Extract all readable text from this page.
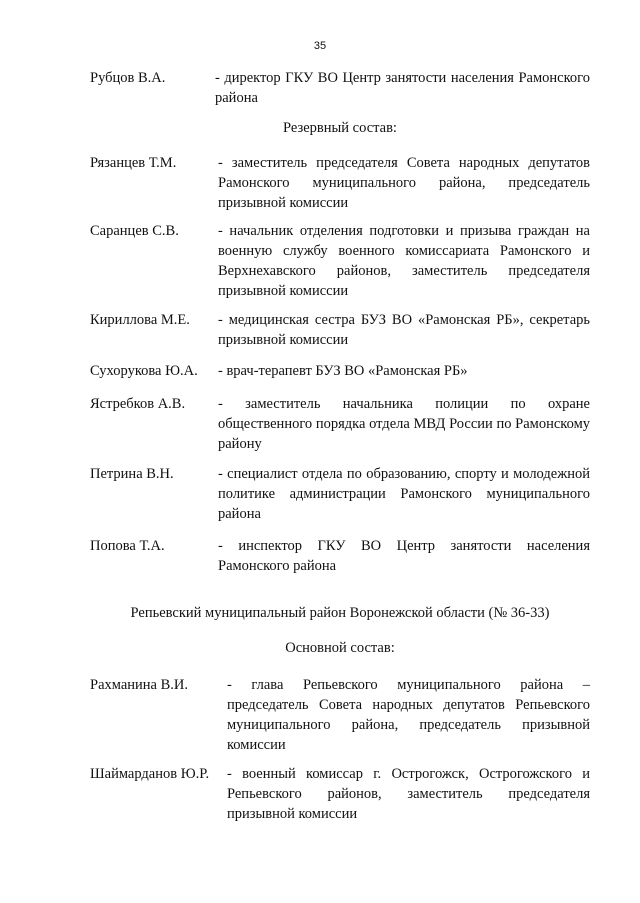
35
Рубцов В.А.	- директор ГКУ ВО Центр занятости населения Рамонского района
Резервный состав:
Рязанцев Т.М.	- заместитель председателя Совета народных депутатов Рамонского муниципального района, председатель призывной комиссии
Саранцев С.В.	- начальник отделения подготовки и призыва граждан на военную службу военного комиссариата Рамонского и Верхнехавского районов, заместитель председателя призывной комиссии
Кириллова М.Е. - медицинская сестра БУЗ ВО «Рамонская РБ», секретарь призывной комиссии
Сухорукова Ю.А. - врач-терапевт БУЗ ВО «Рамонская РБ»
Ястребков А.В. - заместитель начальника полиции по охране общественного порядка отдела МВД России по Рамонскому району
Петрина В.Н.	- специалист отдела по образованию, спорту и молодежной политике администрации Рамонского муниципального района
Попова Т.А.	- инспектор ГКУ ВО Центр занятости населения Рамонского района
Репьевский муниципальный район Воронежской области (№ 36-33)
Основной состав:
Рахманина В.И.	- глава Репьевского муниципального района – председатель Совета народных депутатов Репьевского муниципального района, председатель призывной комиссии
Шаймарданов Ю.Р. - военный комиссар г. Острогожск, Острогожского и Репьевского районов, заместитель председателя призывной комиссии
